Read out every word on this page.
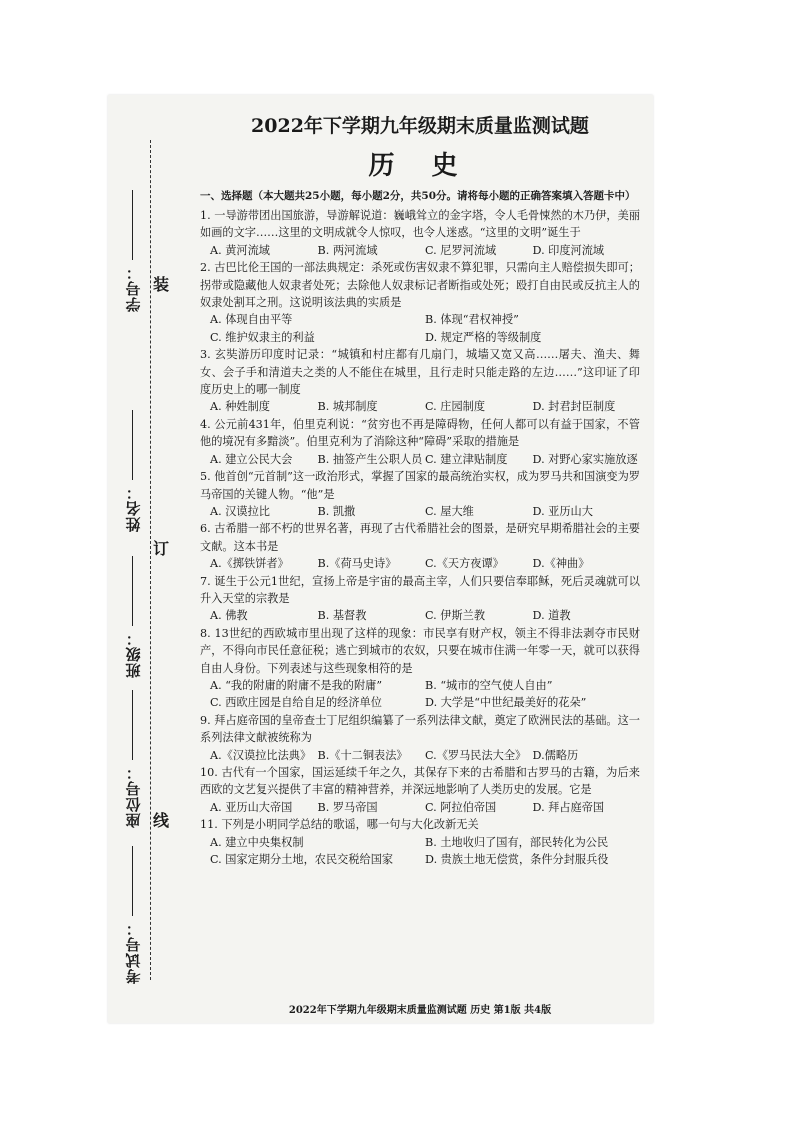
装
订
线
学号：
姓名：
班级：
座位号：
考试号：
2022年下学期九年级期末质量监测试题
历 史

一、选择题（本大题共25小题，每小题2分，共50分。请将每小题的正确答案填入答题卡中）

1. 一导游带团出国旅游，导游解说道：巍峨耸立的金字塔，令人毛骨悚然的木乃伊，美丽如画的文字……这里的文明成就令人惊叹，也令人迷惑。“这里的文明”诞生于

A. 黄河流域	B. 两河流域	C. 尼罗河流域	D. 印度河流域

2. 古巴比伦王国的一部法典规定：杀死或伤害奴隶不算犯罪，只需向主人赔偿损失即可；拐带或隐藏他人奴隶者处死；去除他人奴隶标记者断指或处死；殴打自由民或反抗主人的奴隶处割耳之刑。这说明该法典的实质是

A. 体现自由平等	B. 体现“君权神授”
C. 维护奴隶主的利益	D. 规定严格的等级制度

3. 玄奘游历印度时记录：“城镇和村庄都有几扇门，城墙又宽又高……屠夫、渔夫、舞女、会子手和清道夫之类的人不能住在城里，且行走时只能走路的左边……”这印证了印度历史上的哪一制度

A. 种姓制度	B. 城邦制度	C. 庄园制度	D. 封君封臣制度

4. 公元前431年，伯里克利说：“贫穷也不再是障碍物，任何人都可以有益于国家，不管他的境况有多黯淡”。伯里克利为了消除这种“障碍”采取的措施是

A. 建立公民大会	B. 抽签产生公职人员 C. 建立津贴制度	D. 对野心家实施放逐

5. 他首创“元首制”这一政治形式，掌握了国家的最高统治实权，成为罗马共和国演变为罗马帝国的关键人物。“他”是

A. 汉谟拉比	B. 凯撒	C. 屋大维	D. 亚历山大

6. 古希腊一部不朽的世界名著，再现了古代希腊社会的图景，是研究早期希腊社会的主要文献。这本书是

A.《掷铁饼者》	B.《荷马史诗》	C.《天方夜谭》	D.《神曲》

7. 诞生于公元1世纪，宣扬上帝是宇宙的最高主宰，人们只要信奉耶稣，死后灵魂就可以升入天堂的宗教是

A. 佛教	B. 基督教	C. 伊斯兰教	D. 道教

8. 13世纪的西欧城市里出现了这样的现象：市民享有财产权，领主不得非法剥夺市民财产，不得向市民任意征税；逃亡到城市的农奴，只要在城市住满一年零一天，就可以获得自由人身份。下列表述与这些现象相符的是

A. “我的附庸的附庸不是我的附庸”	B. “城市的空气使人自由”
C. 西欧庄园是自给自足的经济单位	D. 大学是“中世纪最美好的花朵”

9. 拜占庭帝国的皇帝查士丁尼组织编纂了一系列法律文献，奠定了欧洲民法的基础。这一系列法律文献被统称为

A.《汉谟拉比法典》 B.《十二铜表法》	C.《罗马民法大全》 D.儒略历

10. 古代有一个国家，国运延续千年之久，其保存下来的古希腊和古罗马的古籍，为后来西欧的文艺复兴提供了丰富的精神营养，并深远地影响了人类历史的发展。它是

A. 亚历山大帝国	B. 罗马帝国	C. 阿拉伯帝国	D. 拜占庭帝国

11. 下列是小明同学总结的歌谣，哪一句与大化改新无关

A. 建立中央集权制	B. 土地收归了国有，部民转化为公民
C. 国家定期分土地，农民交税给国家	D. 贵族土地无偿赏，条件分封服兵役
2022年下学期九年级期末质量监测试题 历史 第1版 共4版
